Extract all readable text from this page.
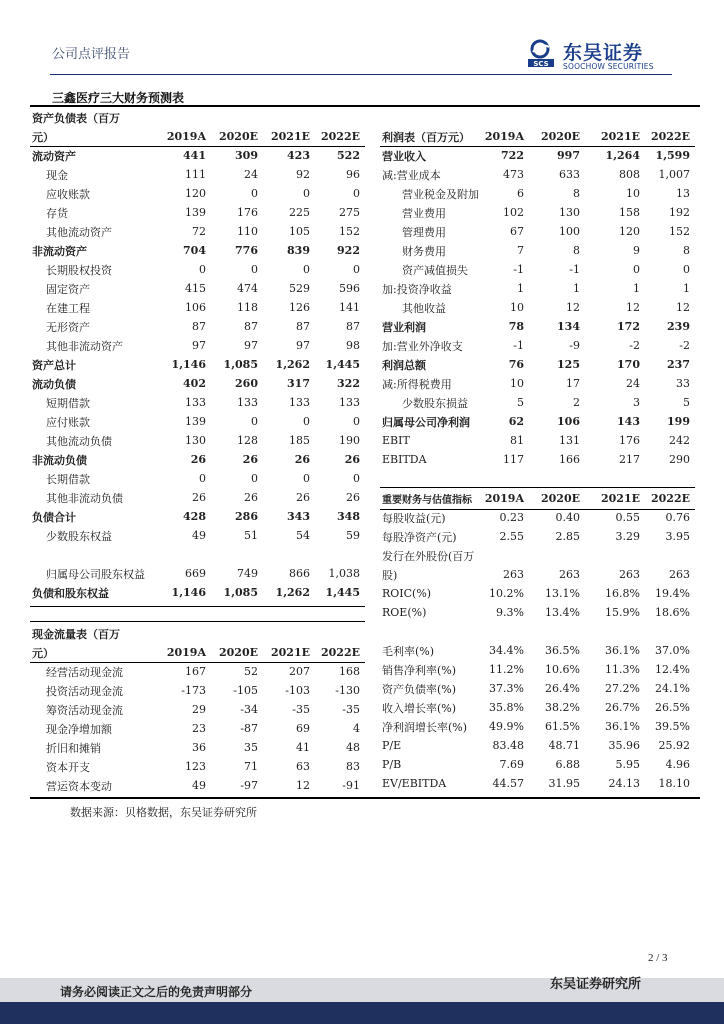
公司点评报告
SCS 东吴证券
SOOCHOW SECURITIES
三鑫医疗三大财务预测表
资产负债表（百万
元）	2019A 2020E 2021E 2022E
流动资产	441	309	423 522
现金	111	24	92	96
应收账款	120	0	0	0
存货	139	176	225	275
其他流动资产	72	110	105	152
非流动资产	704	776	839 922
长期股权投资	0	0	0	0
固定资产	415	474	529	596
在建工程	106	118	126	141
无形资产	87	87	87	87
其他非流动资产	97	97	97	98
资产总计	1,146 1,085 1,262 1,445
流动负债	402	260	317 322
短期借款	133	133	133	133
应付账款	139	0	0	0
其他流动负债	130	128	185	190
非流动负债	26	26	26	26
长期借款	0	0	0	0
其他非流动负债	26	26	26	26
负债合计	428	286	343 348
少数股东权益	49	51	54	59
归属母公司股东权益	669	749	866 1,038
负债和股东权益	1,146 1,085 1,262 1,445
利润表（百万元） 2019A 2020E 2021E 2022E
营业收入	722	997 1,264 1,599
减:营业成本	473	633	808 1,007
营业税金及附加	6	8	10	13
营业费用	102	130	158	192
管理费用	67	100	120	152
财务费用	7	8	9	8
资产减值损失	-1	-1	0	0
加:投资净收益	1	1	1	1
其他收益	10	12	12	12
营业利润	78	134	172 239
加:营业外净收支	-1	-9	-2	-2
利润总额	76	125	170 237
减:所得税费用	10	17	24	33
少数股东损益	5	2	3	5
归属母公司净利润	62	106	143 199
EBIT	81	131	176	242
EBITDA	117	166	217	290
重要财务与估值指标 2019A 2020E 2021E 2022E
每股收益(元)	0.23	0.40	0.55 0.76
每股净资产(元)	2.55	2.85	3.29 3.95
发行在外股份(百万
股)	263	263	263	263
ROIC(%)	10.2% 13.1% 16.8% 19.4%
ROE(%)	9.3% 13.4% 15.9% 18.6%
毛利率(%)	34.4% 36.5% 36.1% 37.0%
销售净利率(%)	11.2% 10.6% 11.3% 12.4%
资产负债率(%)	37.3% 26.4% 27.2% 24.1%
收入增长率(%)	35.8% 38.2% 26.7% 26.5%
净利润增长率(%) 49.9% 61.5% 36.1% 39.5%
P/E	83.48 48.71	35.96 25.92
P/B	7.69	6.88	5.95 4.96
EV/EBITDA	44.57 31.95	24.13 18.10
现金流量表（百万
元）	2019A 2020E 2021E 2022E
经营活动现金流	167	52	207	168
投资活动现金流	-173 -105 -103 -130
筹资活动现金流	29	-34	-35	-35
现金净增加额	23	-87	69	4
折旧和摊销	36	35	41	48
资本开支	123	71	63	83
营运资本变动	49	-97	12	-91
数据来源：贝格数据，东吴证券研究所
2 / 3
请务必阅读正文之后的免责声明部分	东吴证券研究所
